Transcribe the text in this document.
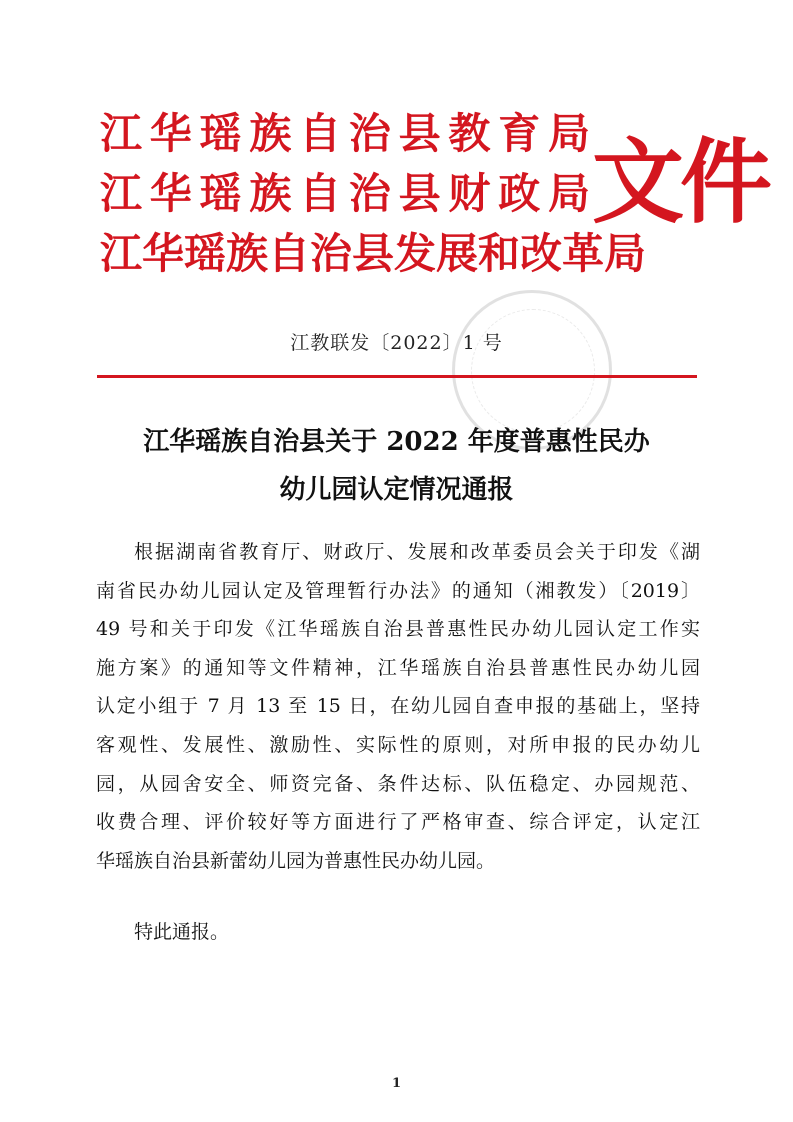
江华瑶族自治县教育局
江华瑶族自治县财政局
江华瑶族自治县发展和改革局
文件
江教联发〔2022〕1 号
江华瑶族自治县关于 2022 年度普惠性民办
幼儿园认定情况通报
根据湖南省教育厅、财政厅、发展和改革委员会关于印发《湖
南省民办幼儿园认定及管理暂行办法》的通知（湘教发）〔2019〕
49 号和关于印发《江华瑶族自治县普惠性民办幼儿园认定工作实
施方案》的通知等文件精神，江华瑶族自治县普惠性民办幼儿园
认定小组于 7 月 13 至 15 日，在幼儿园自查申报的基础上，坚持
客观性、发展性、激励性、实际性的原则，对所申报的民办幼儿
园，从园舍安全、师资完备、条件达标、队伍稳定、办园规范、
收费合理、评价较好等方面进行了严格审查、综合评定，认定江
华瑶族自治县新蕾幼儿园为普惠性民办幼儿园。
特此通报。
1
